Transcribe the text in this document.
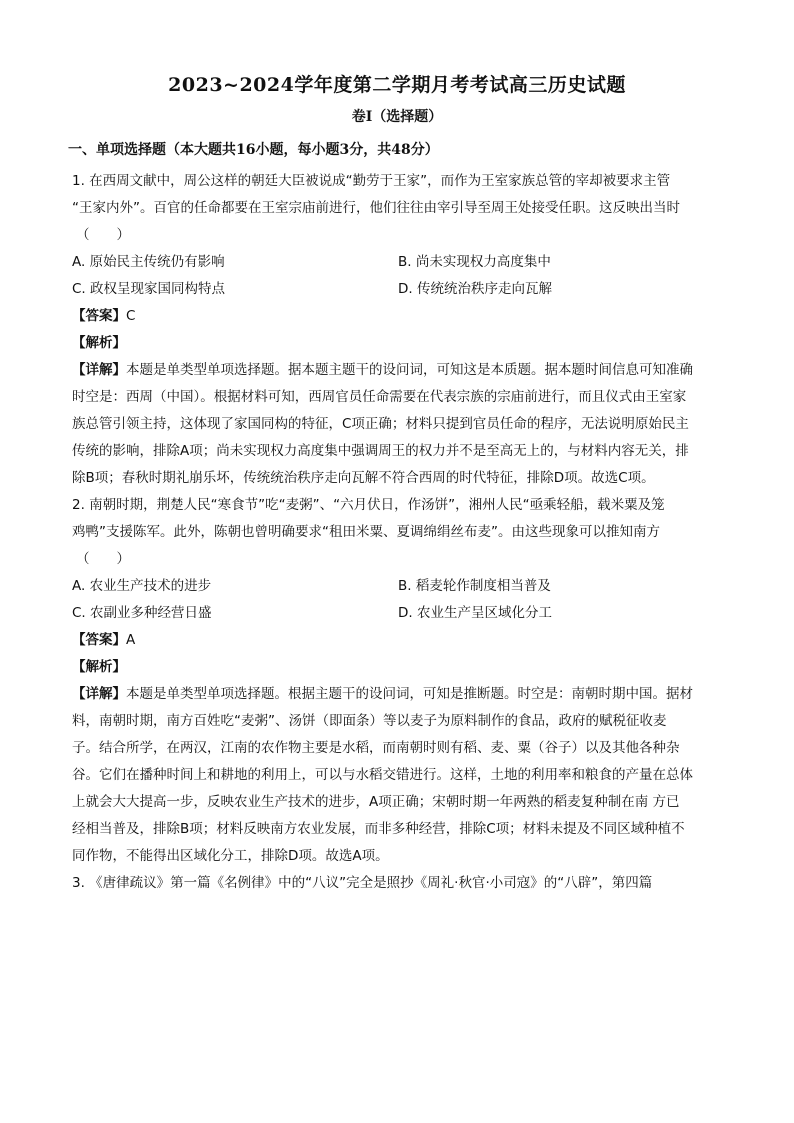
2023~2024学年度第二学期月考考试高三历史试题
卷Ⅰ（选择题）
一、单项选择题（本大题共16小题，每小题3分，共48分）
1. 在西周文献中，周公这样的朝廷大臣被说成“勤劳于王家”，而作为王室家族总管的宰却被要求主管
“王家内外”。百官的任命都要在王室宗庙前进行，他们往往由宰引导至周王处接受任职。这反映出当时
（　　）
A. 原始民主传统仍有影响	B. 尚未实现权力高度集中
C. 政权呈现家国同构特点	D. 传统统治秩序走向瓦解
【答案】C
【解析】
【详解】本题是单类型单项选择题。据本题主题干的设问词，可知这是本质题。据本题时间信息可知准确
时空是：西周（中国）。根据材料可知，西周官员任命需要在代表宗族的宗庙前进行，而且仪式由王室家
族总管引领主持，这体现了家国同构的特征，C项正确；材料只提到官员任命的程序，无法说明原始民主
传统的影响，排除A项；尚未实现权力高度集中强调周王的权力并不是至高无上的，与材料内容无关，排
除B项；春秋时期礼崩乐坏，传统统治秩序走向瓦解不符合西周的时代特征，排除D项。故选C项。
2. 南朝时期，荆楚人民“寒食节”吃“麦粥”、“六月伏日，作汤饼”，湘州人民“亟乘轻船，载米粟及笼
鸡鸭”支援陈军。此外，陈朝也曾明确要求“租田米粟、夏调绵绢丝布麦”。由这些现象可以推知南方
（　　）
A. 农业生产技术的进步	B. 稻麦轮作制度相当普及
C. 农副业多种经营日盛	D. 农业生产呈区域化分工
【答案】A
【解析】
【详解】本题是单类型单项选择题。根据主题干的设问词，可知是推断题。时空是：南朝时期中国。据材
料，南朝时期，南方百姓吃“麦粥”、汤饼（即面条）等以麦子为原料制作的食品，政府的赋税征收麦
子。结合所学，在两汉，江南的农作物主要是水稻，而南朝时则有稻、麦、粟（谷子）以及其他各种杂
谷。它们在播种时间上和耕地的利用上，可以与水稻交错进行。这样，土地的利用率和粮食的产量在总体
上就会大大提高一步，反映农业生产技术的进步，A项正确；宋朝时期一年两熟的稻麦复种制在南 方已
经相当普及，排除B项；材料反映南方农业发展，而非多种经营，排除C项；材料未提及不同区域种植不
同作物，不能得出区域化分工，排除D项。故选A项。
3. 《唐律疏议》第一篇《名例律》中的“八议”完全是照抄《周礼·秋官·小司寇》的“八辟”，第四篇
